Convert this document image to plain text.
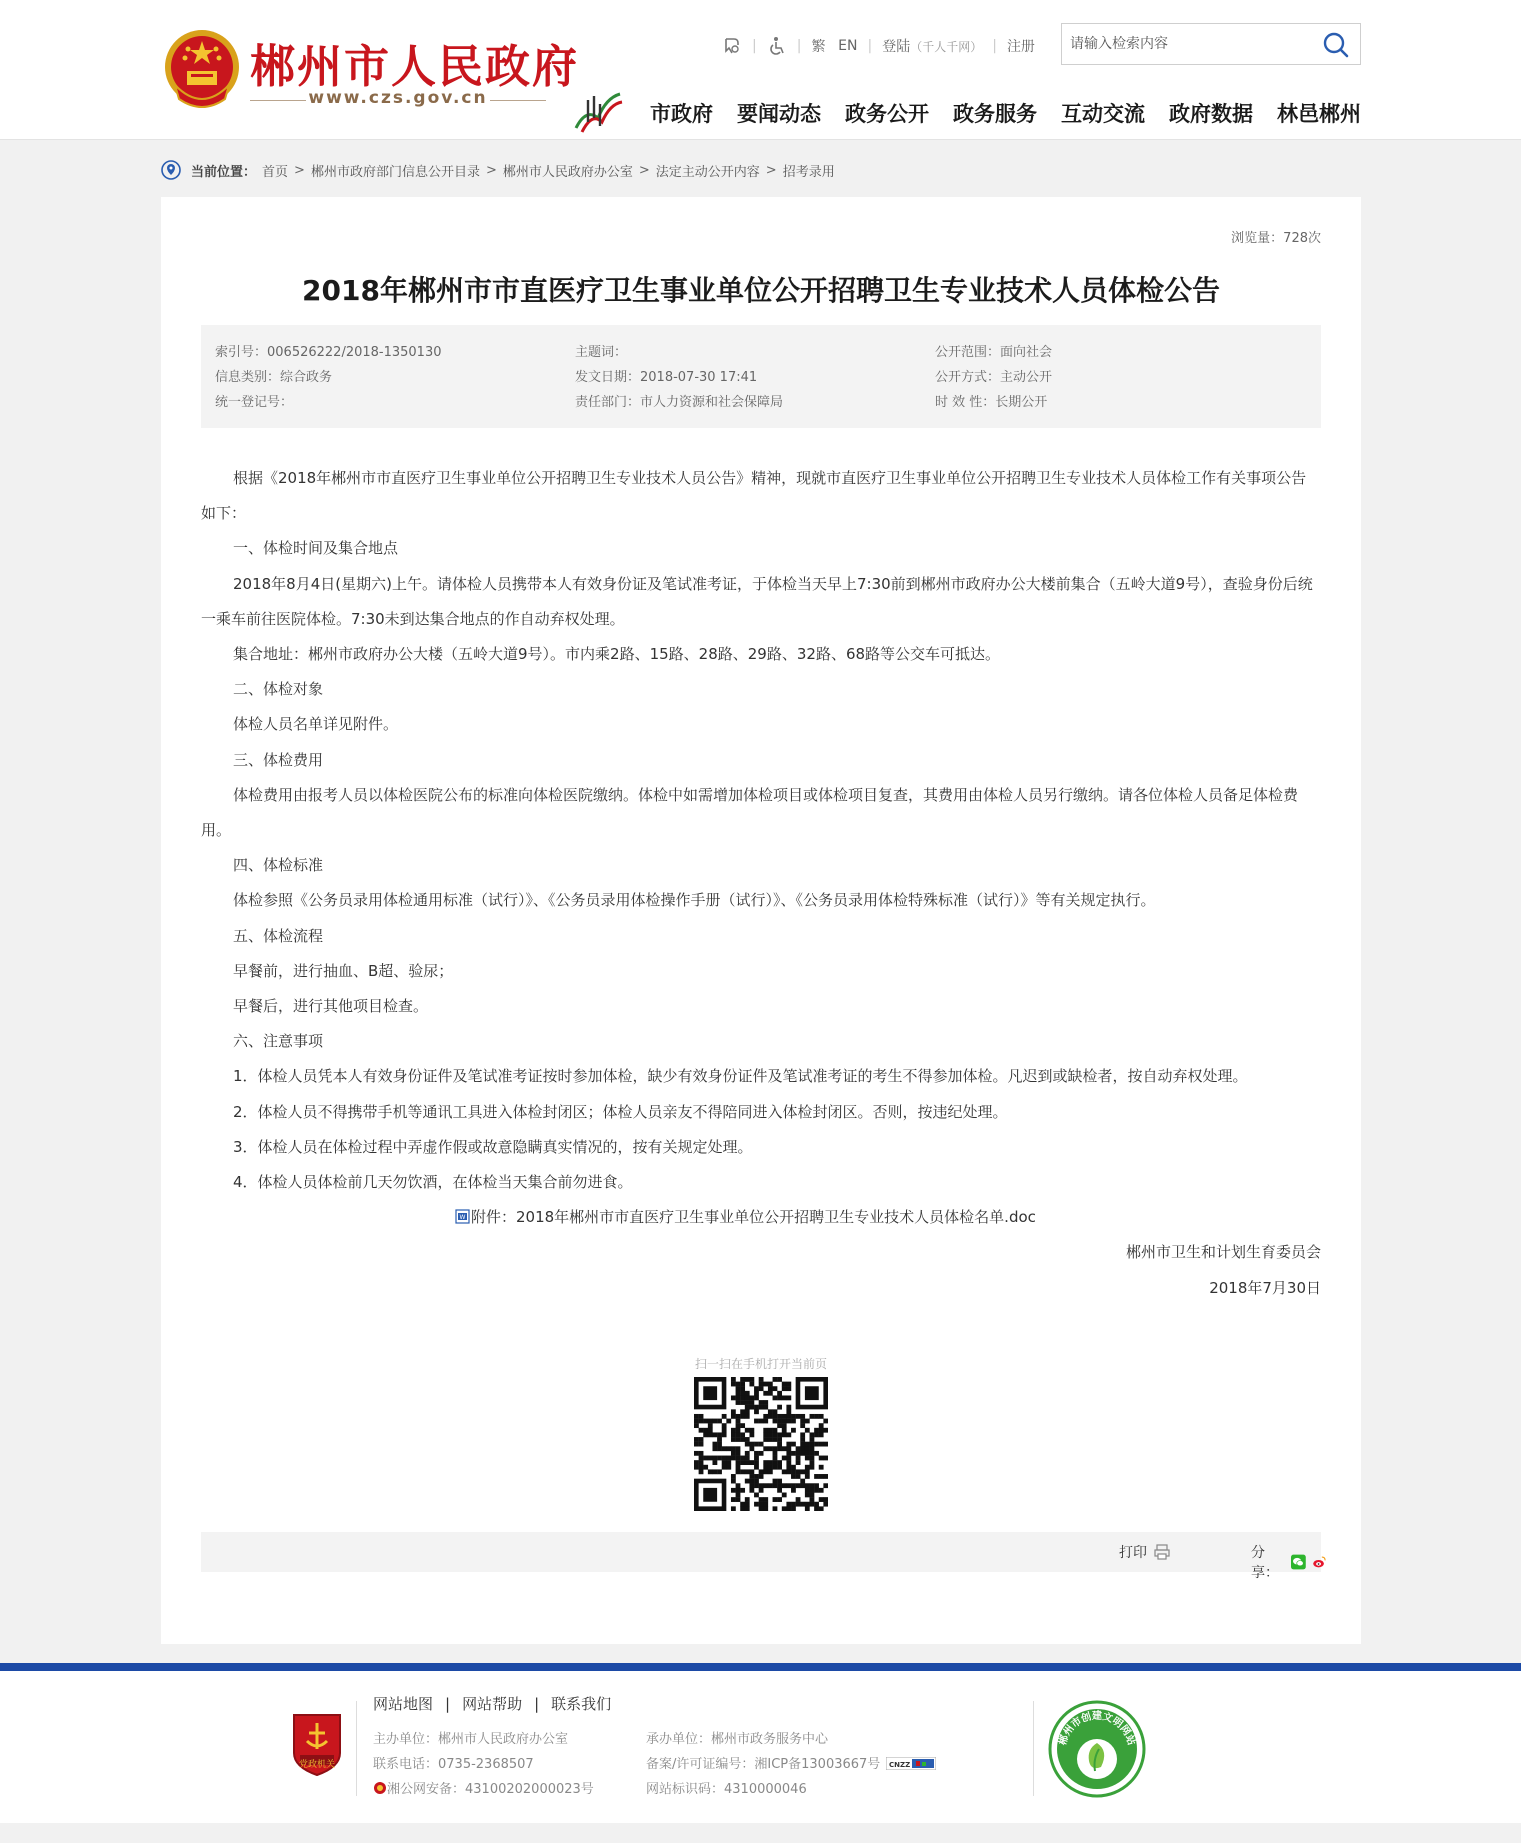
郴州市人民政府
www.czs.gov.cn
|	| 繁 EN | 登陆 （千人千网） | 注册
请输入检索内容
市政府 要闻动态 政务公开 政务服务 互动交流 政府数据 林邑郴州
当前位置： 首页 > 郴州市政府部门信息公开目录 > 郴州市人民政府办公室 > 法定主动公开内容 > 招考录用
浏览量：728次
2018年郴州市市直医疗卫生事业单位公开招聘卫生专业技术人员体检公告
索引号：006526222/2018-1350130	主题词：	公开范围：面向社会
信息类别：综合政务	发文日期：2018-07-30 17:41	公开方式：主动公开
统一登记号：	责任部门：市人力资源和社会保障局	时 效 性：长期公开

根据《2018年郴州市市直医疗卫生事业单位公开招聘卫生专业技术人员公告》精神，现就市直医疗卫生事业单位公开招聘卫生专业技术人员体检工作有关事项公告如下：

一、体检时间及集合地点

2018年8月4日(星期六)上午。请体检人员携带本人有效身份证及笔试准考证，于体检当天早上7:30前到郴州市政府办公大楼前集合（五岭大道9号），查验身份后统一乘车前往医院体检。7:30未到达集合地点的作自动弃权处理。

集合地址：郴州市政府办公大楼（五岭大道9号）。市内乘2路、15路、28路、29路、32路、68路等公交车可抵达。

二、体检对象

体检人员名单详见附件。

三、体检费用

体检费用由报考人员以体检医院公布的标准向体检医院缴纳。体检中如需增加体检项目或体检项目复查，其费用由体检人员另行缴纳。请各位体检人员备足体检费用。

四、体检标准

体检参照《公务员录用体检通用标准（试行）》、《公务员录用体检操作手册（试行）》、《公务员录用体检特殊标准（试行）》等有关规定执行。

五、体检流程

早餐前，进行抽血、B超、验尿；

早餐后，进行其他项目检查。

六、注意事项

1．体检人员凭本人有效身份证件及笔试准考证按时参加体检，缺少有效身份证件及笔试准考证的考生不得参加体检。凡迟到或缺检者，按自动弃权处理。

2．体检人员不得携带手机等通讯工具进入体检封闭区；体检人员亲友不得陪同进入体检封闭区。否则，按违纪处理。

3．体检人员在体检过程中弄虚作假或故意隐瞒真实情况的，按有关规定处理。

4．体检人员体检前几天勿饮酒，在体检当天集合前勿进食。

W 附件：2018年郴州市市直医疗卫生事业单位公开招聘卫生专业技术人员体检名单.doc

郴州市卫生和计划生育委员会

2018年7月30日

扫一扫在手机打开当前页
打印	分享：
党政机关
网站地图 | 网站帮助 | 联系我们
主办单位：郴州市人民政府办公室
联系电话：0735-2368507
湘公网安备：43100202000023号
承办单位：郴州市政务服务中心
备案/许可证编号：湘ICP备13003667号 CNZZ
网站标识码：4310000046
郴州市创建文明网站
